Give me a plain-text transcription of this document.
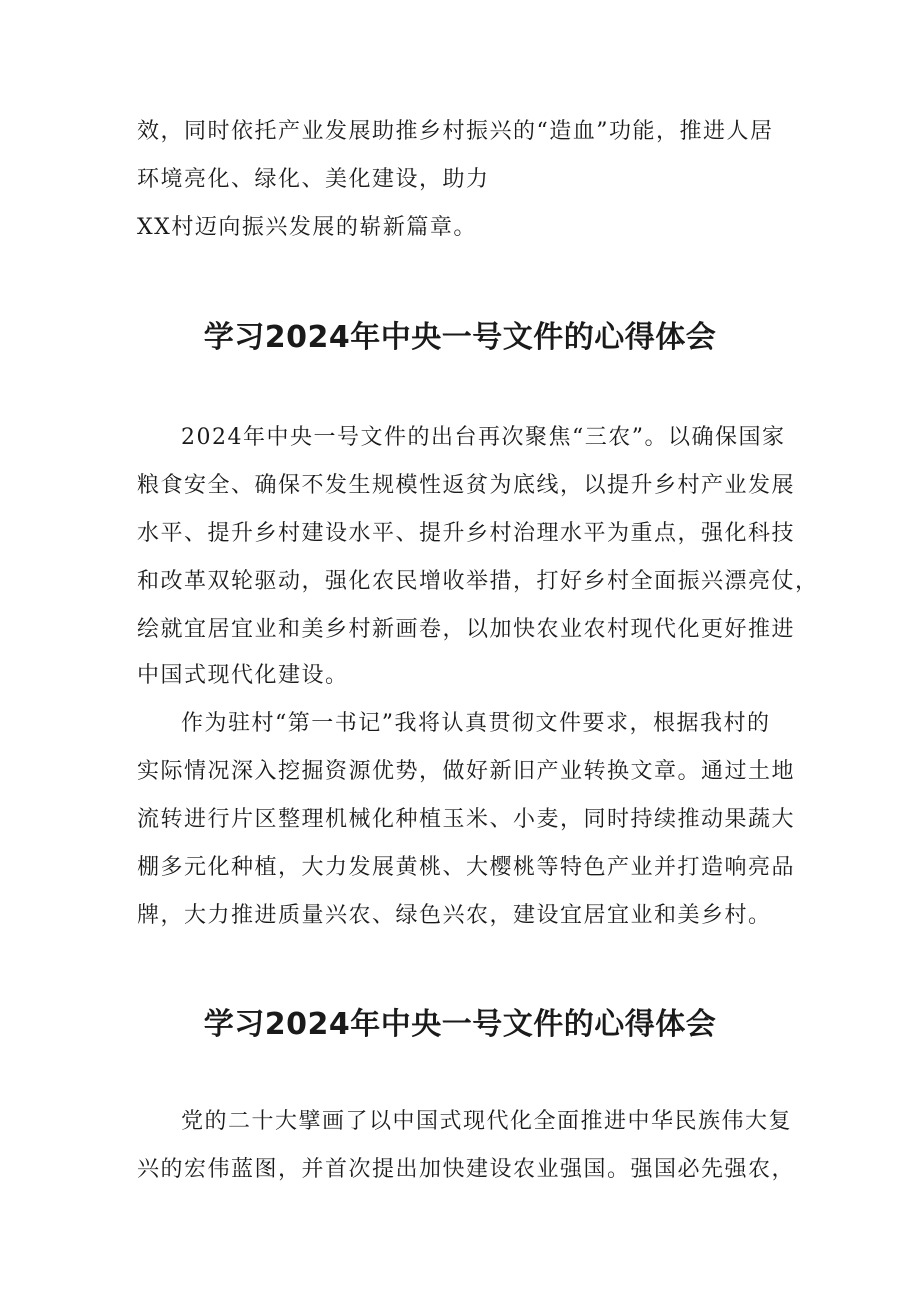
效，同时依托产业发展助推乡村振兴的“造血”功能，推进人居
环境亮化、绿化、美化建设，助力
XX村迈向振兴发展的崭新篇章。
学习2024年中央一号文件的心得体会
2024年中央一号文件的出台再次聚焦“三农”。以确保国家
粮食安全、确保不发生规模性返贫为底线，以提升乡村产业发展
水平、提升乡村建设水平、提升乡村治理水平为重点，强化科技
和改革双轮驱动，强化农民增收举措，打好乡村全面振兴漂亮仗，
绘就宜居宜业和美乡村新画卷，以加快农业农村现代化更好推进
中国式现代化建设。
作为驻村“第一书记”我将认真贯彻文件要求，根据我村的
实际情况深入挖掘资源优势，做好新旧产业转换文章。通过土地
流转进行片区整理机械化种植玉米、小麦，同时持续推动果蔬大
棚多元化种植，大力发展黄桃、大樱桃等特色产业并打造响亮品
牌，大力推进质量兴农、绿色兴农，建设宜居宜业和美乡村。
学习2024年中央一号文件的心得体会
党的二十大擘画了以中国式现代化全面推进中华民族伟大复
兴的宏伟蓝图，并首次提出加快建设农业强国。强国必先强农，
